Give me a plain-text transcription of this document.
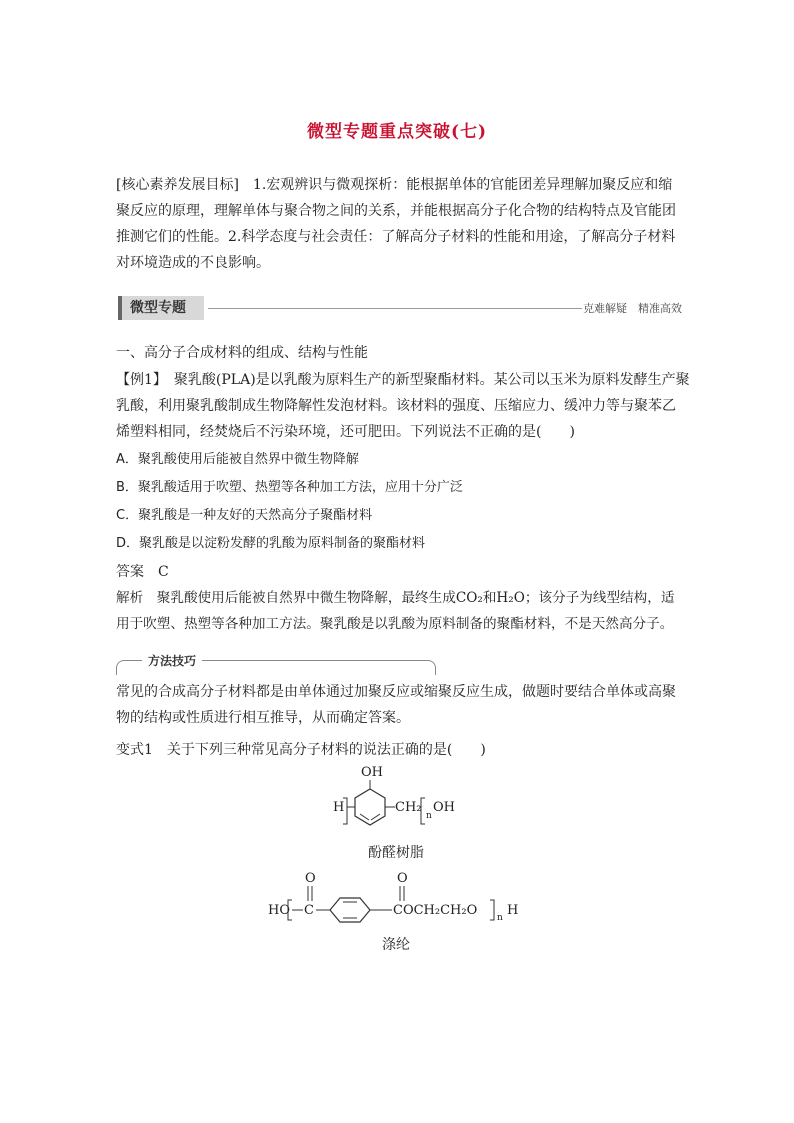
微型专题重点突破(七)
[核心素养发展目标]　1.宏观辨识与微观探析：能根据单体的官能团差异理解加聚反应和缩
聚反应的原理，理解单体与聚合物之间的关系，并能根据高分子化合物的结构特点及官能团
推测它们的性能。2.科学态度与社会责任：了解高分子材料的性能和用途，了解高分子材料
对环境造成的不良影响。
微型专题	克难解疑　精准高效
一、高分子合成材料的组成、结构与性能
【例1】　聚乳酸(PLA)是以乳酸为原料生产的新型聚酯材料。某公司以玉米为原料发酵生产聚
乳酸，利用聚乳酸制成生物降解性发泡材料。该材料的强度、压缩应力、缓冲力等与聚苯乙
烯塑料相同，经焚烧后不污染环境，还可肥田。下列说法不正确的是(　　)
A．聚乳酸使用后能被自然界中微生物降解
B．聚乳酸适用于吹塑、热塑等各种加工方法，应用十分广泛
C．聚乳酸是一种友好的天然高分子聚酯材料
D．聚乳酸是以淀粉发酵的乳酸为原料制备的聚酯材料
答案　C
解析　聚乳酸使用后能被自然界中微生物降解，最终生成CO₂和H₂O；该分子为线型结构，适
用于吹塑、热塑等各种加工方法。聚乳酸是以乳酸为原料制备的聚酯材料，不是天然高分子。
方法技巧
常见的合成高分子材料都是由单体通过加聚反应或缩聚反应生成，做题时要结合单体或高聚
物的结构或性质进行相互推导，从而确定答案。
变式1　关于下列三种常见高分子材料的说法正确的是(　　)
OH
H	CH₂
n
OH
酚醛树脂
HO C
O	O
COCH₂CH₂O n H
涤纶
